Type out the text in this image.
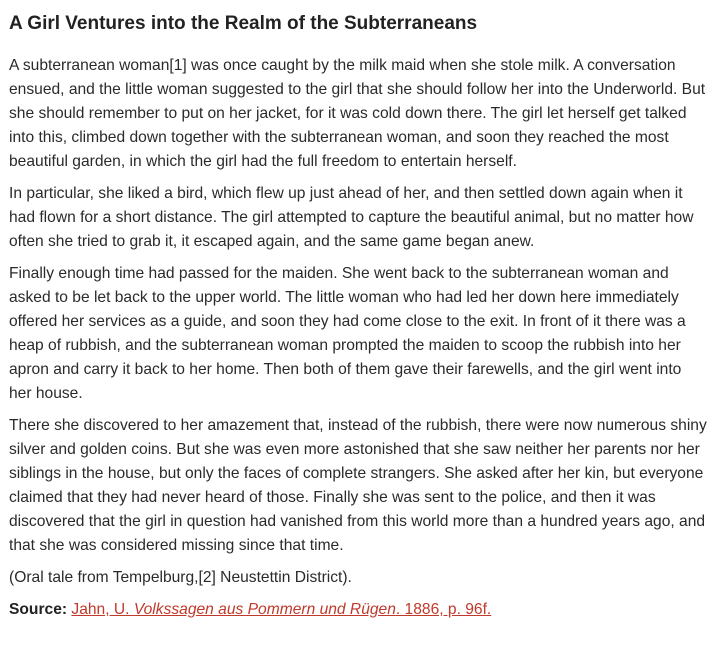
A Girl Ventures into the Realm of the Subterraneans

A subterranean woman[1] was once caught by the milk maid when she stole milk. A conversation ensued, and the little woman suggested to the girl that she should follow her into the Underworld. But she should remember to put on her jacket, for it was cold down there. The girl let herself get talked into this, climbed down together with the subterranean woman, and soon they reached the most beautiful garden, in which the girl had the full freedom to entertain herself.

In particular, she liked a bird, which flew up just ahead of her, and then settled down again when it had flown for a short distance. The girl attempted to capture the beautiful animal, but no matter how often she tried to grab it, it escaped again, and the same game began anew.

Finally enough time had passed for the maiden. She went back to the subterranean woman and asked to be let back to the upper world. The little woman who had led her down here immediately offered her services as a guide, and soon they had come close to the exit. In front of it there was a heap of rubbish, and the subterranean woman prompted the maiden to scoop the rubbish into her apron and carry it back to her home. Then both of them gave their farewells, and the girl went into her house.

There she discovered to her amazement that, instead of the rubbish, there were now numerous shiny silver and golden coins. But she was even more astonished that she saw neither her parents nor her siblings in the house, but only the faces of complete strangers. She asked after her kin, but everyone claimed that they had never heard of those. Finally she was sent to the police, and then it was discovered that the girl in question had vanished from this world more than a hundred years ago, and that she was considered missing since that time.

(Oral tale from Tempelburg,[2] Neustettin District).

Source: Jahn, U. Volkssagen aus Pommern und Rügen. 1886, p. 96f.
